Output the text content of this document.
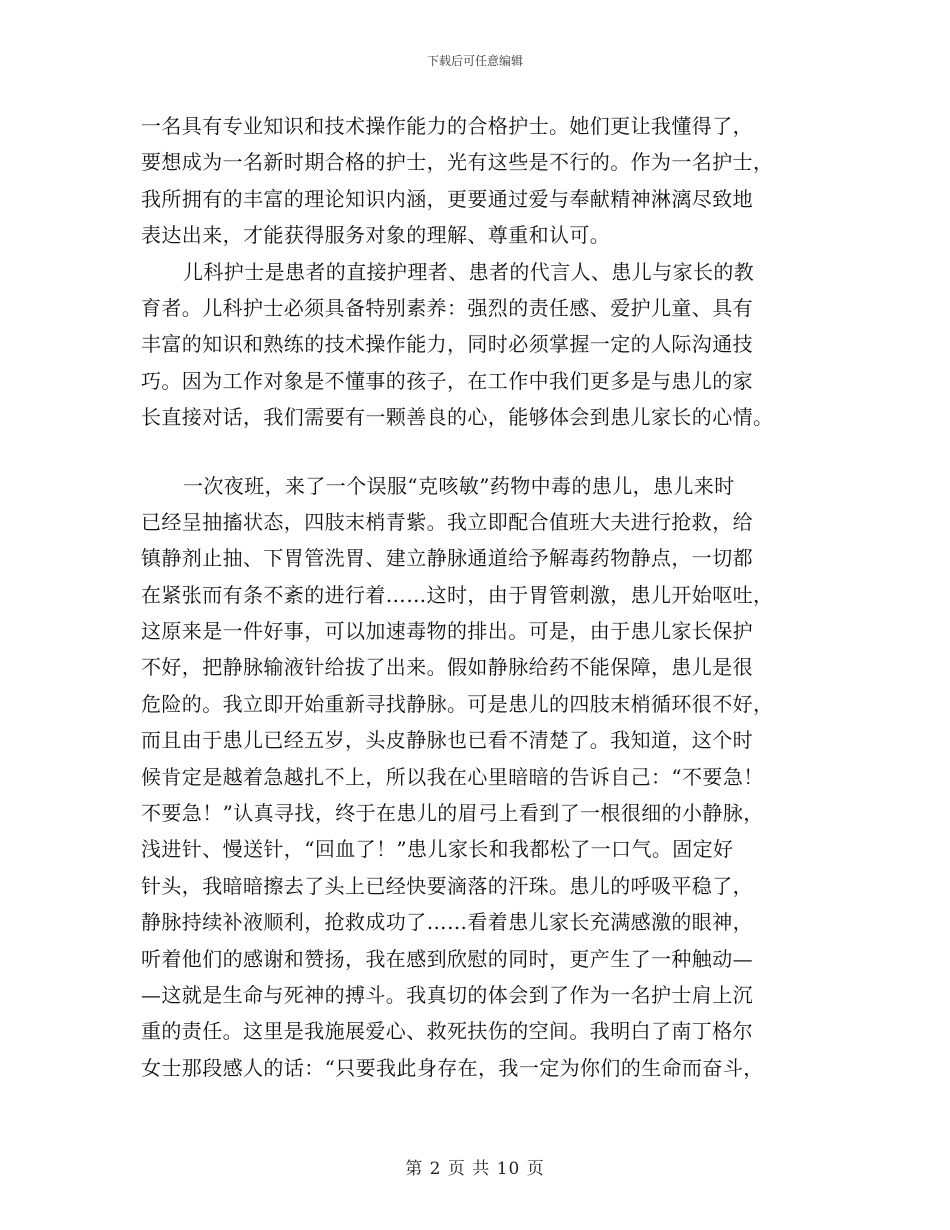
下载后可任意编辑
一名具有专业知识和技术操作能力的合格护士。她们更让我懂得了，
要想成为一名新时期合格的护士，光有这些是不行的。作为一名护士，
我所拥有的丰富的理论知识内涵，更要通过爱与奉献精神淋漓尽致地
表达出来，才能获得服务对象的理解、尊重和认可。
儿科护士是患者的直接护理者、患者的代言人、患儿与家长的教
育者。儿科护士必须具备特别素养：强烈的责任感、爱护儿童、具有
丰富的知识和熟练的技术操作能力，同时必须掌握一定的人际沟通技
巧。因为工作对象是不懂事的孩子，在工作中我们更多是与患儿的家
长直接对话，我们需要有一颗善良的心，能够体会到患儿家长的心情。
一次夜班，来了一个误服“克咳敏”药物中毒的患儿，患儿来时
已经呈抽搐状态，四肢末梢青紫。我立即配合值班大夫进行抢救，给
镇静剂止抽、下胃管洗胃、建立静脉通道给予解毒药物静点，一切都
在紧张而有条不紊的进行着……这时，由于胃管刺激，患儿开始呕吐，
这原来是一件好事，可以加速毒物的排出。可是，由于患儿家长保护
不好，把静脉输液针给拔了出来。假如静脉给药不能保障，患儿是很
危险的。我立即开始重新寻找静脉。可是患儿的四肢末梢循环很不好，
而且由于患儿已经五岁，头皮静脉也已看不清楚了。我知道，这个时
候肯定是越着急越扎不上，所以我在心里暗暗的告诉自己：“不要急！
不要急！”认真寻找，终于在患儿的眉弓上看到了一根很细的小静脉，
浅进针、慢送针，“回血了！”患儿家长和我都松了一口气。固定好
针头，我暗暗擦去了头上已经快要滴落的汗珠。患儿的呼吸平稳了，
静脉持续补液顺利，抢救成功了……看着患儿家长充满感激的眼神，
听着他们的感谢和赞扬，我在感到欣慰的同时，更产生了一种触动—
—这就是生命与死神的搏斗。我真切的体会到了作为一名护士肩上沉
重的责任。这里是我施展爱心、救死扶伤的空间。我明白了南丁格尔
女士那段感人的话：“只要我此身存在，我一定为你们的生命而奋斗，
第 2 页 共 10 页
